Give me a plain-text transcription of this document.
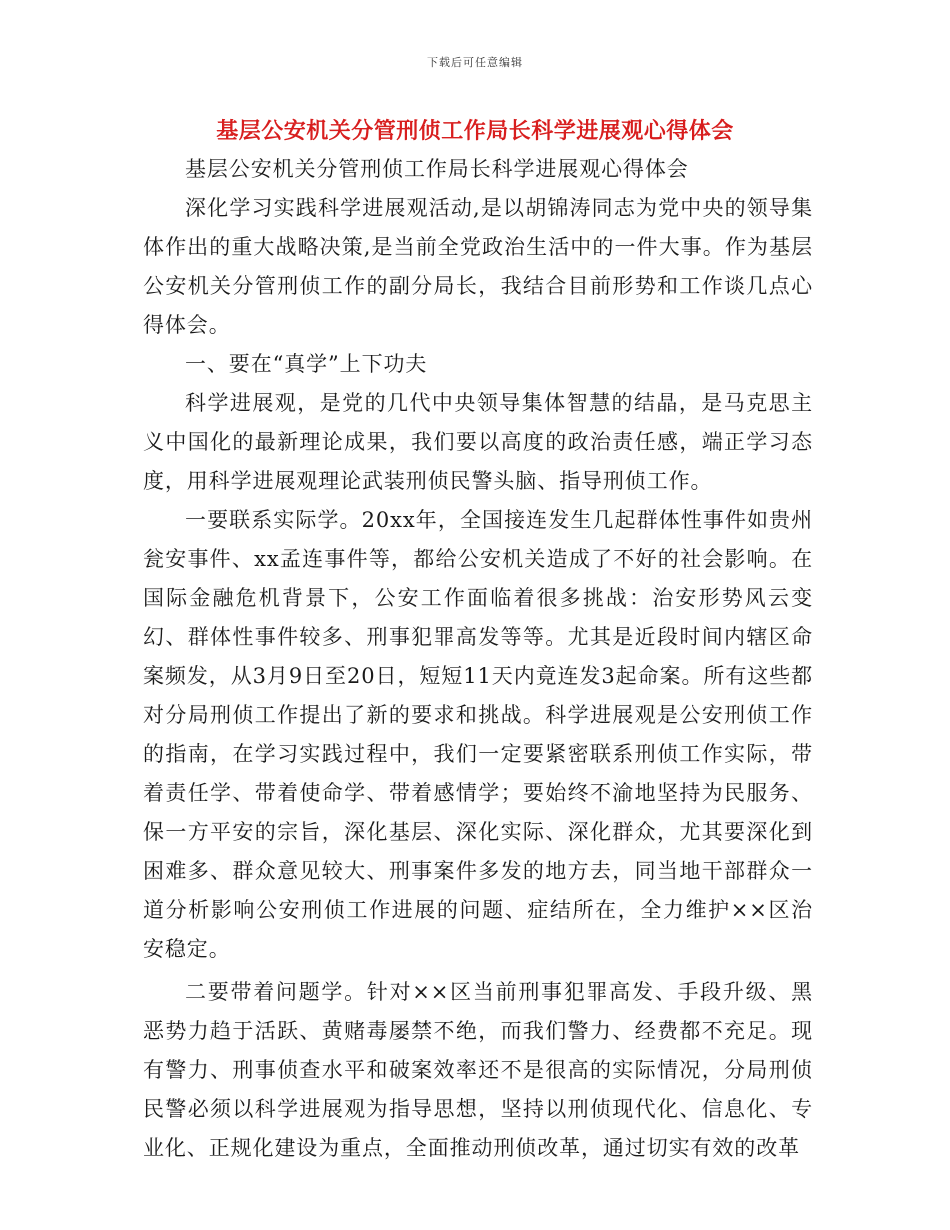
下载后可任意编辑
基层公安机关分管刑侦工作局长科学进展观心得体会

基层公安机关分管刑侦工作局长科学进展观心得体会

深化学习实践科学进展观活动,是以胡锦涛同志为党中央的领导集体作出的重大战略决策,是当前全党政治生活中的一件大事。作为基层公安机关分管刑侦工作的副分局长，我结合目前形势和工作谈几点心得体会。

一、要在“真学”上下功夫

科学进展观，是党的几代中央领导集体智慧的结晶，是马克思主义中国化的最新理论成果，我们要以高度的政治责任感，端正学习态度，用科学进展观理论武装刑侦民警头脑、指导刑侦工作。

一要联系实际学。20xx年，全国接连发生几起群体性事件如贵州瓮安事件、xx孟连事件等，都给公安机关造成了不好的社会影响。在国际金融危机背景下，公安工作面临着很多挑战：治安形势风云变幻、群体性事件较多、刑事犯罪高发等等。尤其是近段时间内辖区命案频发，从3月9日至20日，短短11天内竟连发3起命案。所有这些都对分局刑侦工作提出了新的要求和挑战。科学进展观是公安刑侦工作的指南，在学习实践过程中，我们一定要紧密联系刑侦工作实际，带着责任学、带着使命学、带着感情学；要始终不渝地坚持为民服务、保一方平安的宗旨，深化基层、深化实际、深化群众，尤其要深化到困难多、群众意见较大、刑事案件多发的地方去，同当地干部群众一道分析影响公安刑侦工作进展的问题、症结所在，全力维护××区治安稳定。

二要带着问题学。针对××区当前刑事犯罪高发、手段升级、黑恶势力趋于活跃、黄赌毒屡禁不绝，而我们警力、经费都不充足。现有警力、刑事侦查水平和破案效率还不是很高的实际情况，分局刑侦民警必须以科学进展观为指导思想，坚持以刑侦现代化、信息化、专业化、正规化建设为重点，全面推动刑侦改革，通过切实有效的改革
